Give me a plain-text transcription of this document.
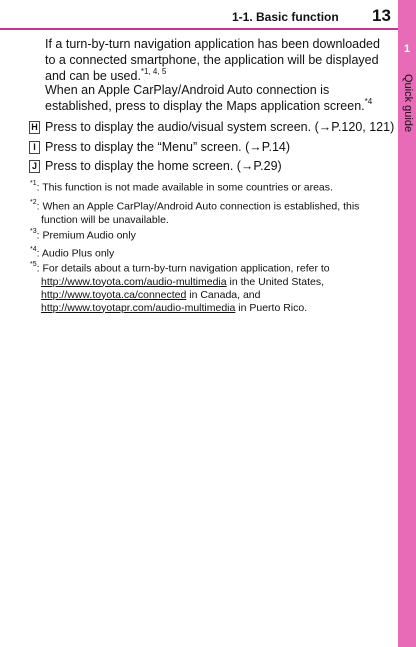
1-1. Basic function 13
1
Quick guide

If a turn-by-turn navigation application has been downloaded to a connected smartphone, the application will be displayed and can be used.$^{*1, 4, 5}$

When an Apple CarPlay/Android Auto connection is established, press to display the Maps application screen.$^{*4}$

H Press to display the audio/visual system screen. (→P.120, 121)
I Press to display the “Menu” screen. (→P.14)
J Press to display the home screen. (→P.29)
$^{*1}$: This function is not made available in some countries or areas.
$^{*2}$: When an Apple CarPlay/Android Auto connection is established, this
function will be unavailable.
$^{*3}$: Premium Audio only
$^{*4}$: Audio Plus only
$^{*5}$: For details about a turn-by-turn navigation application, refer to
http://www.toyota.com/audio-multimedia in the United States,
http://www.toyota.ca/connected in Canada, and
http://www.toyotapr.com/audio-multimedia in Puerto Rico.
